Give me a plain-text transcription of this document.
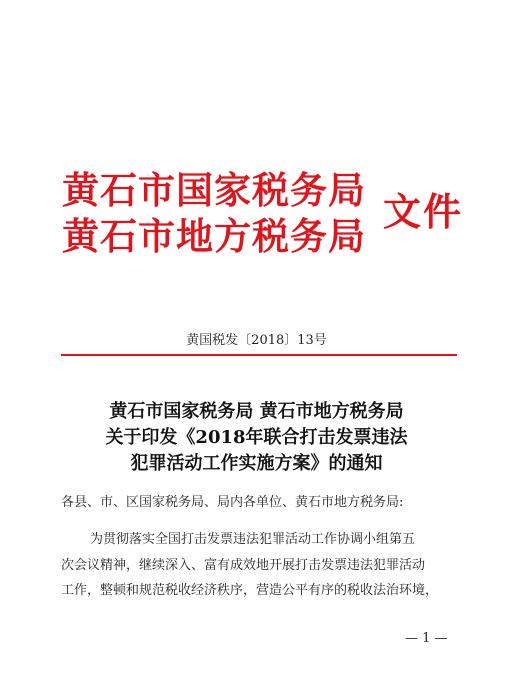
黄石市国家税务局
黄石市地方税务局
文件
黄国税发〔2018〕13号
黄石市国家税务局 黄石市地方税务局
关于印发《2018年联合打击发票违法
犯罪活动工作实施方案》的通知
各县、市、区国家税务局、局内各单位、黄石市地方税务局:
为贯彻落实全国打击发票违法犯罪活动工作协调小组第五
次会议精神，继续深入、富有成效地开展打击发票违法犯罪活动
工作，整顿和规范税收经济秩序，营造公平有序的税收法治环境，
— 1 —
